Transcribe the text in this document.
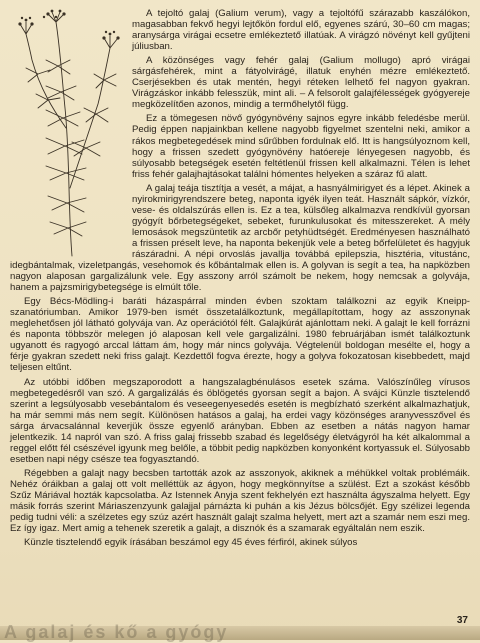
A tejoltó galaj (Galium verum), vagy a tejoltófű szárazabb kaszálókon, magasabban fekvő hegyi lejtőkön fordul elő, egyenes szárú, 30–60 cm magas; aranysárga virágai ecsetre emlékeztető illatúak. A virágzó növényt kell gyűjteni júliusban.

A közönséges vagy fehér galaj (Galium mollugo) apró virágai sárgásfehérek, mint a fátyolvirágé, illatuk enyhén mézre emlékeztető. Cserjésekben és utak mentén, hegyi réteken lelhető fel nagyon gyakran. Virágzáskor inkább felesszük, mint ali. – A felsorolt galajfélességek gyógyereje megközelítően azonos, mindig a termőhelytől függ.

Ez a tömegesen növő gyógynövény sajnos egyre inkább feledésbe merül. Pedig éppen napjainkban kellene nagyobb figyelmet szentelni neki, amikor a rákos megbetegedések mind sűrűbben fordulnak elő. Itt is hangsúlyoznom kell, hogy a frissen szedett gyógynövény hatóereje lényegesen nagyobb, és súlyosabb betegségek esetén feltétlenül frissen kell alkalmazni. Télen is lehet friss fehér galajhajtásokat találni hómentes helyeken a száraz fű alatt.

A galaj teája tisztítja a vesét, a májat, a hasnyálmirigyet és a lépet. Akinek a nyirokmirigyrendszere beteg, naponta igyék ilyen teát. Használt sápkór, vízkór, vese- és oldalszúrás ellen is. Ez a tea, külsőleg alkalmazva rendkívül gyorsan gyógyít bőrbetegségeket, sebeket, furunkulusokat és mitesszereket. A mély lemosások megszüntetik az arcbőr petyhüdtségét. Eredményesen használható a frissen préselt leve, ha naponta bekenjük vele a beteg bőrfelületet és hagyjuk rászáradni. A népi orvoslás javallja továbbá epilepszia, hisztéria, vitustánc, idegbántalmak, vizeletpangás, vesehomok és kőbántalmak ellen is. A golyvan is segít a tea, ha napközben nagyon alaposan gargalizálunk vele. Egy asszony arról számolt be nekem, hogy nemcsak a golyvája, hanem a pajzsmirigybetegsége is elmúlt tőle.

Egy Bécs-Mödling-i baráti házaspárral minden évben szoktam találkozni az egyik Kneipp-szanatóriumban. Amikor 1979-ben ismét összetalálkoztunk, megállapítottam, hogy az asszonynak meglehetősen jól látható golyvája van. Az operációtól félt. Galajkúrát ajánlottam neki. A galajt le kell forrázni és naponta többször melegen jó alaposan kell vele gargalizálni. 1980 februárjában ismét találkoztunk ugyanott és ragyogó arccal láttam ám, hogy már nincs golyvája. Végtelenül boldogan mesélte el, hogy a férje gyakran szedett neki friss galajt. Kezdettől fogva érezte, hogy a golyva fokozatosan kisebbedett, majd teljesen eltűnt.

Az utóbbi időben megszaporodott a hangszalagbénulásos esetek száma. Valószínűleg vírusos megbetegedésről van szó. A gargalizálás és öblögetés gyorsan segít a bajon. A svájci Künzle tisztelendő szerint a legsúlyosabb vesebántalom és veseegenyesedés esetén is megbízható szerként alkalmazhatjuk, ha már semmi más nem segít. Különösen hatásos a galaj, ha erdei vagy közönséges aranyvesszővel és sárga árvacsalánnal keverjük össze egyenlő arányban. Ebben az esetben a nátás nagyon hamar jelentkezik. 14 napról van szó. A friss galaj frissebb szabad és legelőségy életvágyról ha két alkalommal a reggel előtt fél csészével igyunk meg belőle, a többit pedig napközben konyonként kortyassuk el. Súlyosabb esetben napi négy csésze tea fogyasztandó.

Régebben a galajt nagy becsben tartották azok az asszonyok, akiknek a méhükkel voltak problémáik. Nehéz óráikban a galaj ott volt melléttük az ágyon, hogy megkönnyítse a szülést. Ezt a szokást később Szűz Máriával hozták kapcsolatba. Az Istennek Anyja szent fekhelyén ezt használta ágyszalma helyett. Egy másik forrás szerint Máriaszenzyunk galajjal párnázta ki puhán a kis Jézus bölcsőjét. Egy szélizei legenda pedig tudni véli: a szélzetes egy szúz azért használt galajt szalma helyett, mert azt a szamár nem eszi meg. Ez így igaz. Mert amig a tehenek szeretik a galajt, a disznók és a szamarak egyáltalán nem eszik.

Künzle tisztelendő egyik írásában beszámol egy 45 éves férfiról, akinek súlyos

37
A galaj és kő a gyógy
